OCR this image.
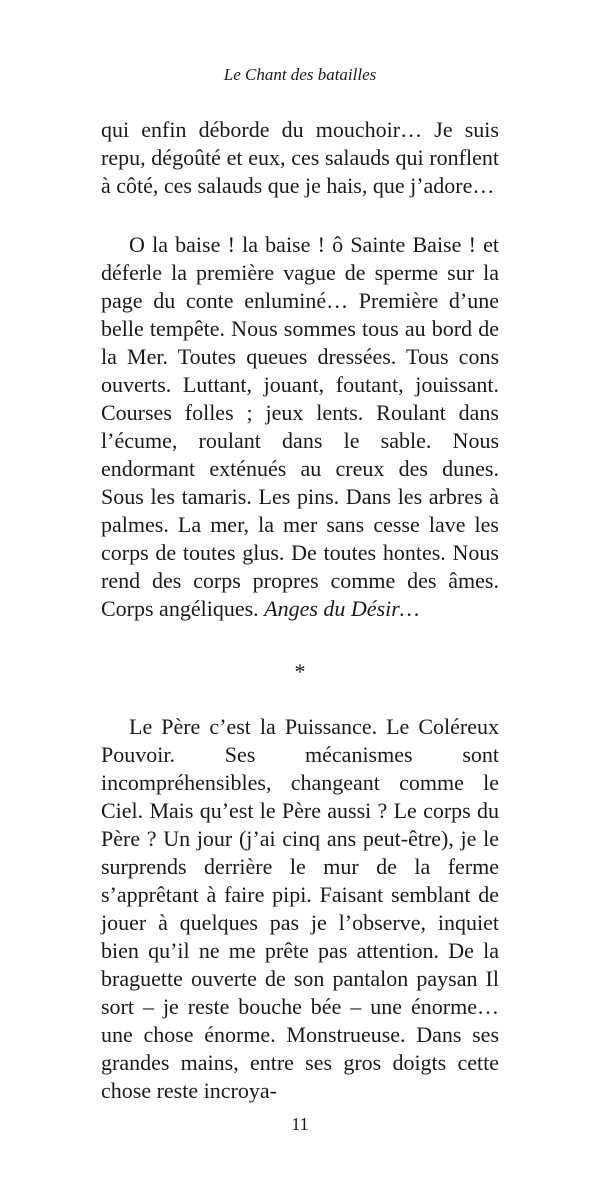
Le Chant des batailles

qui enfin déborde du mouchoir… Je suis repu, dégoûté et eux, ces salauds qui ronflent à côté, ces salauds que je hais, que j’adore…

O la baise ! la baise ! ô Sainte Baise ! et déferle la première vague de sperme sur la page du conte enluminé… Première d’une belle tempête. Nous sommes tous au bord de la Mer. Toutes queues dressées. Tous cons ouverts. Luttant, jouant, foutant, jouissant. Courses folles ; jeux lents. Roulant dans l’écume, roulant dans le sable. Nous endormant exténués au creux des dunes. Sous les tamaris. Les pins. Dans les arbres à palmes. La mer, la mer sans cesse lave les corps de toutes glus. De toutes hontes. Nous rend des corps propres comme des âmes. Corps angéliques. Anges du Désir…

*

Le Père c’est la Puissance. Le Coléreux Pouvoir. Ses mécanismes sont incompréhensibles, changeant comme le Ciel. Mais qu’est le Père aussi ? Le corps du Père ? Un jour (j’ai cinq ans peut-être), je le surprends derrière le mur de la ferme s’apprêtant à faire pipi. Faisant semblant de jouer à quelques pas je l’observe, inquiet bien qu’il ne me prête pas attention. De la braguette ouverte de son pantalon paysan Il sort – je reste bouche bée – une énorme… une chose énorme. Monstrueuse. Dans ses grandes mains, entre ses gros doigts cette chose reste incroya-

11
